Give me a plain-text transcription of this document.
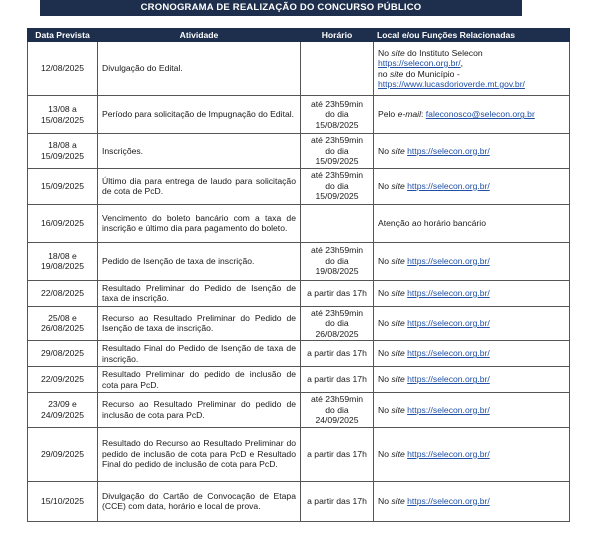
CRONOGRAMA DE REALIZAÇÃO DO CONCURSO PÚBLICO
Data Prevista	Atividade	Horário	Local e/ou Funções Relacionadas
12/08/2025	Divulgação do Edital.		No site do Instituto Selecon
https://selecon.org.br/,
no site do Município -
https://www.lucasdorioverde.mt.gov.br/
13/08 a 15/08/2025	Período para solicitação de Impugnação do Edital.	até 23h59min do dia 15/08/2025	Pelo e-mail: faleconosco@selecon.org.br
18/08 a 15/09/2025	Inscrições.	até 23h59min do dia 15/09/2025	No site https://selecon.org.br/
15/09/2025	Último dia para entrega de laudo para solicitação de cota de PcD.	até 23h59min do dia 15/09/2025	No site https://selecon.org.br/
16/09/2025	Vencimento do boleto bancário com a taxa de inscrição e último dia para pagamento do boleto.		Atenção ao horário bancário
18/08 e 19/08/2025	Pedido de Isenção de taxa de inscrição.	até 23h59min do dia 19/08/2025	No site https://selecon.org.br/
22/08/2025	Resultado Preliminar do Pedido de Isenção de taxa de inscrição.	a partir das 17h	No site https://selecon.org.br/
25/08 e 26/08/2025	Recurso ao Resultado Preliminar do Pedido de Isenção de taxa de inscrição.	até 23h59min do dia 26/08/2025	No site https://selecon.org.br/
29/08/2025	Resultado Final do Pedido de Isenção de taxa de inscrição.	a partir das 17h	No site https://selecon.org.br/
22/09/2025	Resultado Preliminar do pedido de inclusão de cota para PcD.	a partir das 17h	No site https://selecon.org.br/
23/09 e 24/09/2025	Recurso ao Resultado Preliminar do pedido de inclusão de cota para PcD.	até 23h59min do dia 24/09/2025	No site https://selecon.org.br/
29/09/2025	Resultado do Recurso ao Resultado Preliminar do pedido de inclusão de cota para PcD e Resultado Final do pedido de inclusão de cota para PcD.	a partir das 17h	No site https://selecon.org.br/
15/10/2025	Divulgação do Cartão de Convocação de Etapa (CCE) com data, horário e local de prova.	a partir das 17h	No site https://selecon.org.br/
